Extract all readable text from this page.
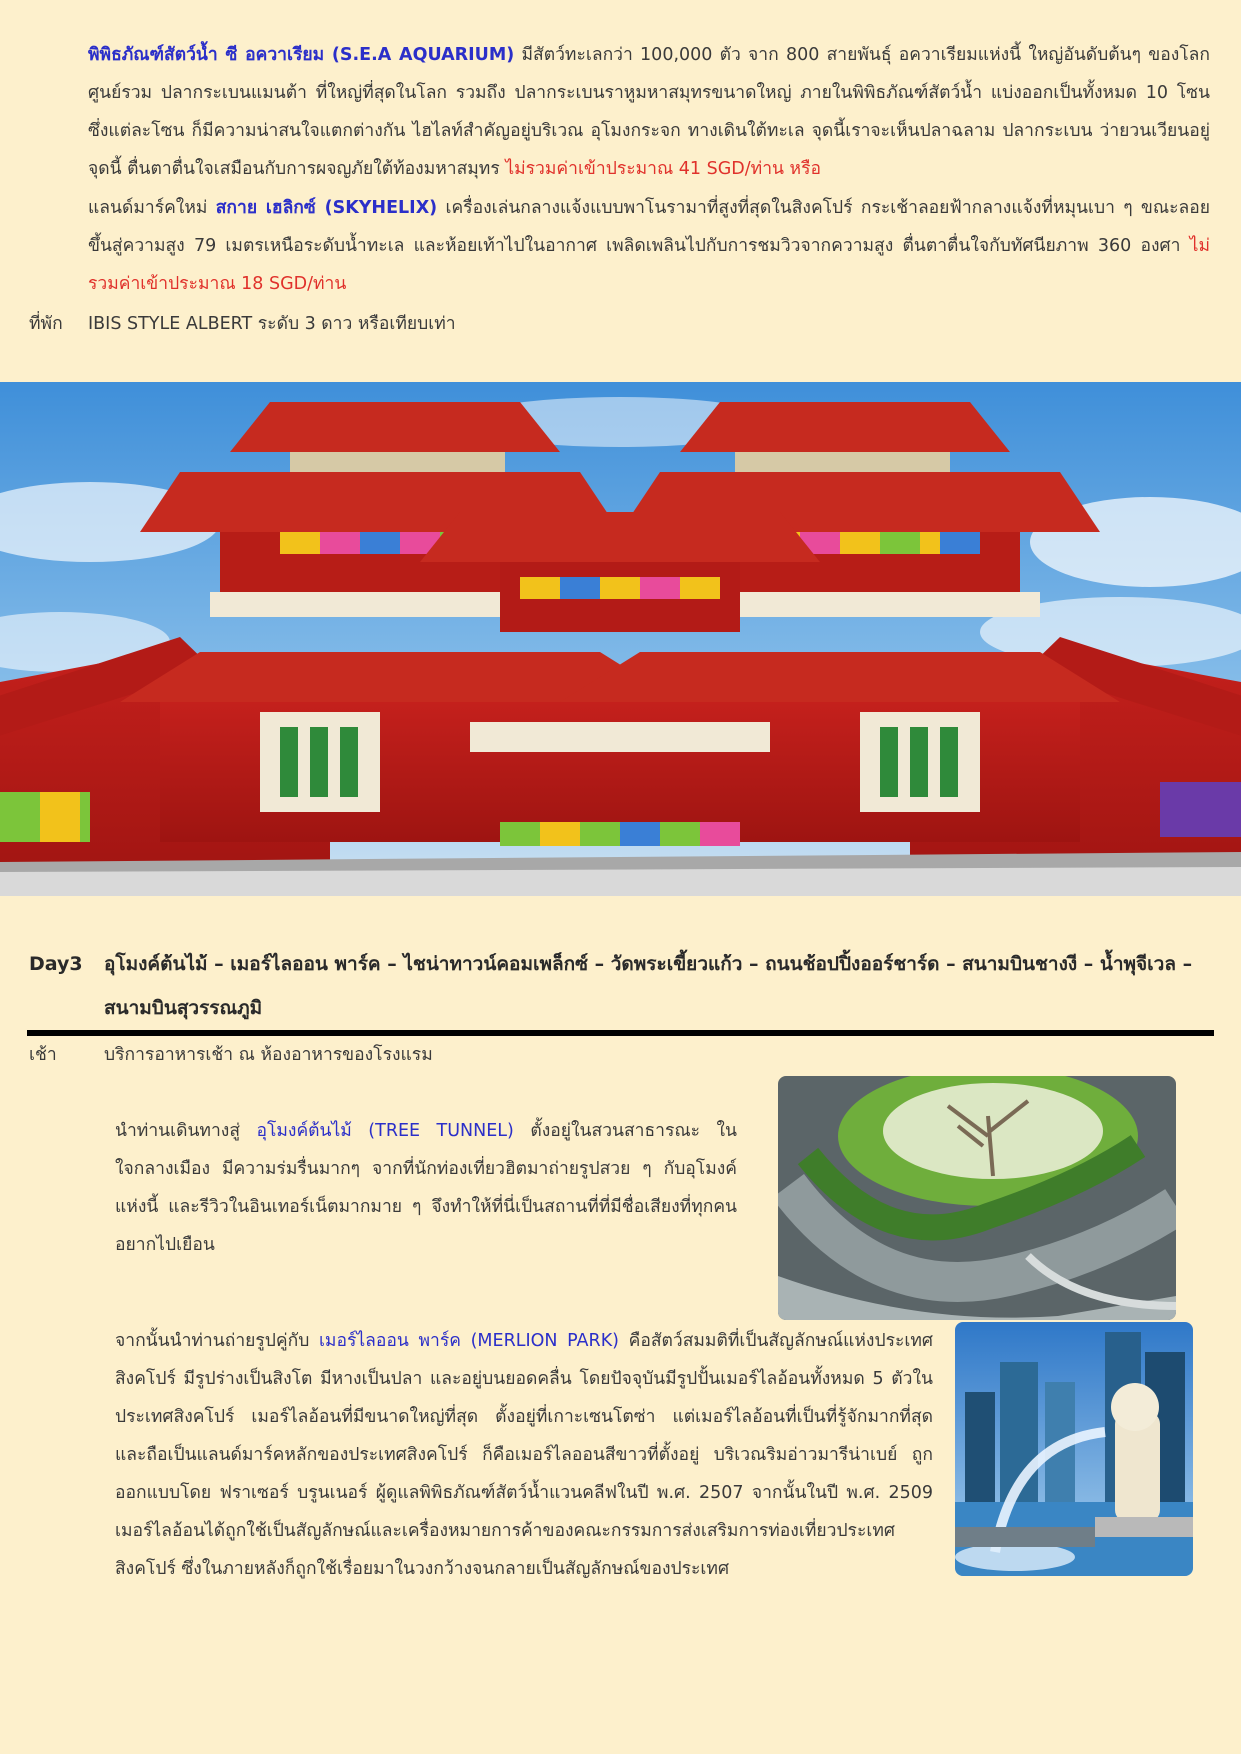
พิพิธภัณฑ์สัตว์น้ำ ซี อควาเรียม (S.E.A AQUARIUM) มีสัตว์ทะเลกว่า 100,000 ตัว จาก 800 สายพันธุ์ อควาเรียมแห่งนี้ ใหญ่อันดับต้นๆ ของโลก ศูนย์รวม ปลากระเบนแมนต้า ที่ใหญ่ที่สุดในโลก รวมถึง ปลากระเบนราหูมหาสมุทรขนาดใหญ่ ภายในพิพิธภัณฑ์สัตว์น้ำ แบ่งออกเป็นทั้งหมด 10 โซน ซึ่งแต่ละโซน ก็มีความน่าสนใจแตกต่างกัน ไฮไลท์สำคัญอยู่บริเวณ อุโมงกระจก ทางเดินใต้ทะเล จุดนี้เราจะเห็นปลาฉลาม ปลากระเบน ว่ายวนเวียนอยู่จุดนี้ ตื่นตาตื่นใจเสมือนกับการผจญภัยใต้ท้องมหาสมุทร ไม่รวมค่าเข้าประมาณ 41 SGD/ท่าน หรือ
แลนด์มาร์คใหม่ สกาย เฮลิกซ์ (SKYHELIX) เครื่องเล่นกลางแจ้งแบบพาโนรามาที่สูงที่สุดในสิงคโปร์ กระเช้าลอยฟ้ากลางแจ้งที่หมุนเบา ๆ ขณะลอยขึ้นสู่ความสูง 79 เมตรเหนือระดับน้ำทะเล และห้อยเท้าไปในอากาศ เพลิดเพลินไปกับการชมวิวจากความสูง ตื่นตาตื่นใจกับทัศนียภาพ 360 องศา ไม่รวมค่าเข้าประมาณ 18 SGD/ท่าน
ที่พัก IBIS STYLE ALBERT ระดับ 3 ดาว หรือเทียบเท่า
Day3 อุโมงค์ต้นไม้ – เมอร์ไลออน พาร์ค – ไชน่าทาวน์คอมเพล็กซ์ – วัดพระเขี้ยวแก้ว – ถนนช้อปปิ้งออร์ชาร์ด – สนามบินชางงี – น้ำพุจีเวล – สนามบินสุวรรณภูมิ
เช้า	บริการอาหารเช้า ณ ห้องอาหารของโรงแรม
นำท่านเดินทางสู่ อุโมงค์ต้นไม้ (TREE TUNNEL) ตั้งอยู่ในสวนสาธารณะ ในใจกลางเมือง มีความร่มรื่นมากๆ จากที่นักท่องเที่ยวฮิตมาถ่ายรูปสวย ๆ กับอุโมงค์แห่งนี้ และรีวิวในอินเทอร์เน็ตมากมาย ๆ จึงทำให้ที่นี่เป็นสถานที่ที่มีชื่อเสียงที่ทุกคนอยากไปเยือน
จากนั้นนำท่านถ่ายรูปคู่กับ เมอร์ไลออน พาร์ค (MERLION PARK) คือสัตว์สมมติที่เป็นสัญลักษณ์แห่งประเทศสิงคโปร์ มีรูปร่างเป็นสิงโต มีหางเป็นปลา และอยู่บนยอดคลื่น โดยปัจจุบันมีรูปปั้นเมอร์ไลอ้อนทั้งหมด 5 ตัวในประเทศสิงคโปร์ เมอร์ไลอ้อนที่มีขนาดใหญ่ที่สุด ตั้งอยู่ที่เกาะเซนโตซ่า แต่เมอร์ไลอ้อนที่เป็นที่รู้จักมากที่สุด และถือเป็นแลนด์มาร์คหลักของประเทศสิงคโปร์ ก็คือเมอร์ไลออนสีขาวที่ตั้งอยู่ บริเวณริมอ่าวมารีน่าเบย์ ถูกออกแบบโดย ฟราเซอร์ บรูนเนอร์ ผู้ดูแลพิพิธภัณฑ์สัตว์น้ำแวนคลีฟในปี พ.ศ. 2507 จากนั้นในปี พ.ศ. 2509 เมอร์ไลอ้อนได้ถูกใช้เป็นสัญลักษณ์และเครื่องหมายการค้าของคณะกรรมการส่งเสริมการท่องเที่ยวประเทศสิงคโปร์ ซึ่งในภายหลังก็ถูกใช้เรื่อยมาในวงกว้างจนกลายเป็นสัญลักษณ์ของประเทศ
